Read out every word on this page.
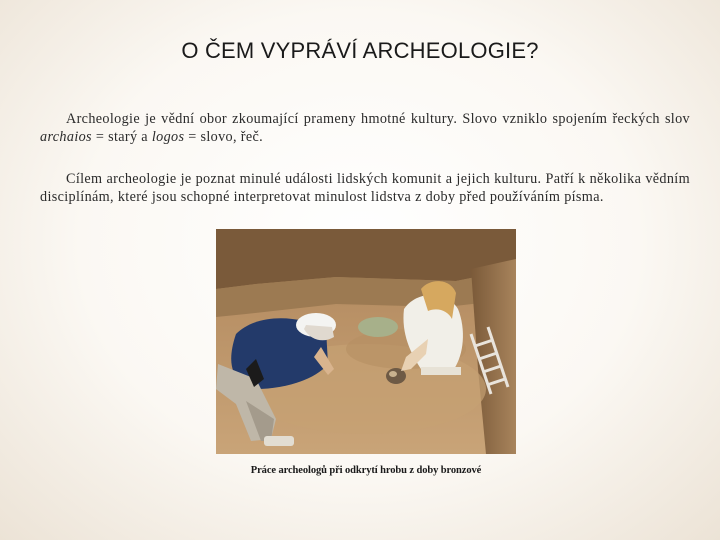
O ČEM VYPRÁVÍ ARCHEOLOGIE?
Archeologie je vědní obor zkoumající prameny hmotné kultury. Slovo vzniklo spojením řeckých slov archaios = starý a logos = slovo, řeč.
Cílem archeologie je poznat minulé události lidských komunit a jejich kulturu. Patří k několika vědním disciplínám, které jsou schopné interpretovat minulost lidstva z doby před používáním písma.
Práce archeologů při odkrytí hrobu z doby bronzové
